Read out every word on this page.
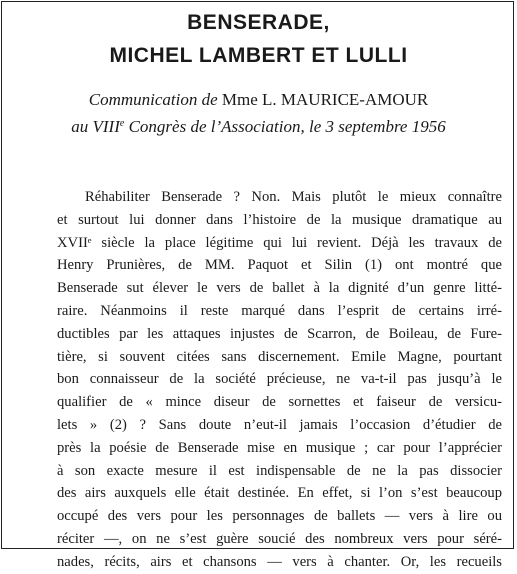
BENSERADE,
MICHEL LAMBERT ET LULLI

Communication de Mme L. MAURICE-AMOUR

au VIIIe Congrès de l’Association, le 3 septembre 1956

Réhabiliter Benserade ? Non. Mais plutôt le mieux connaître
et surtout lui donner dans l’histoire de la musique dramatique au
XVIIᵉ siècle la place légitime qui lui revient. Déjà les travaux de
Henry Prunières, de MM. Paquot et Silin (1) ont montré que
Benserade sut élever le vers de ballet à la dignité d’un genre litté-
raire. Néanmoins il reste marqué dans l’esprit de certains irré-
ductibles par les attaques injustes de Scarron, de Boileau, de Fure-
tière, si souvent citées sans discernement. Emile Magne, pourtant
bon connaisseur de la société précieuse, ne va-t-il pas jusqu’à le
qualifier de « mince diseur de sornettes et faiseur de versicu-
lets » (2) ? Sans doute n’eut-il jamais l’occasion d’étudier de
près la poésie de Benserade mise en musique ; car pour l’apprécier
à son exacte mesure il est indispensable de ne la pas dissocier
des airs auxquels elle était destinée. En effet, si l’on s’est beaucoup
occupé des vers pour les personnages de ballets — vers à lire ou
réciter —, on ne s’est guère soucié des nombreux vers pour séré-
nades, récits, airs et chansons — vers à chanter. Or, les recueils
